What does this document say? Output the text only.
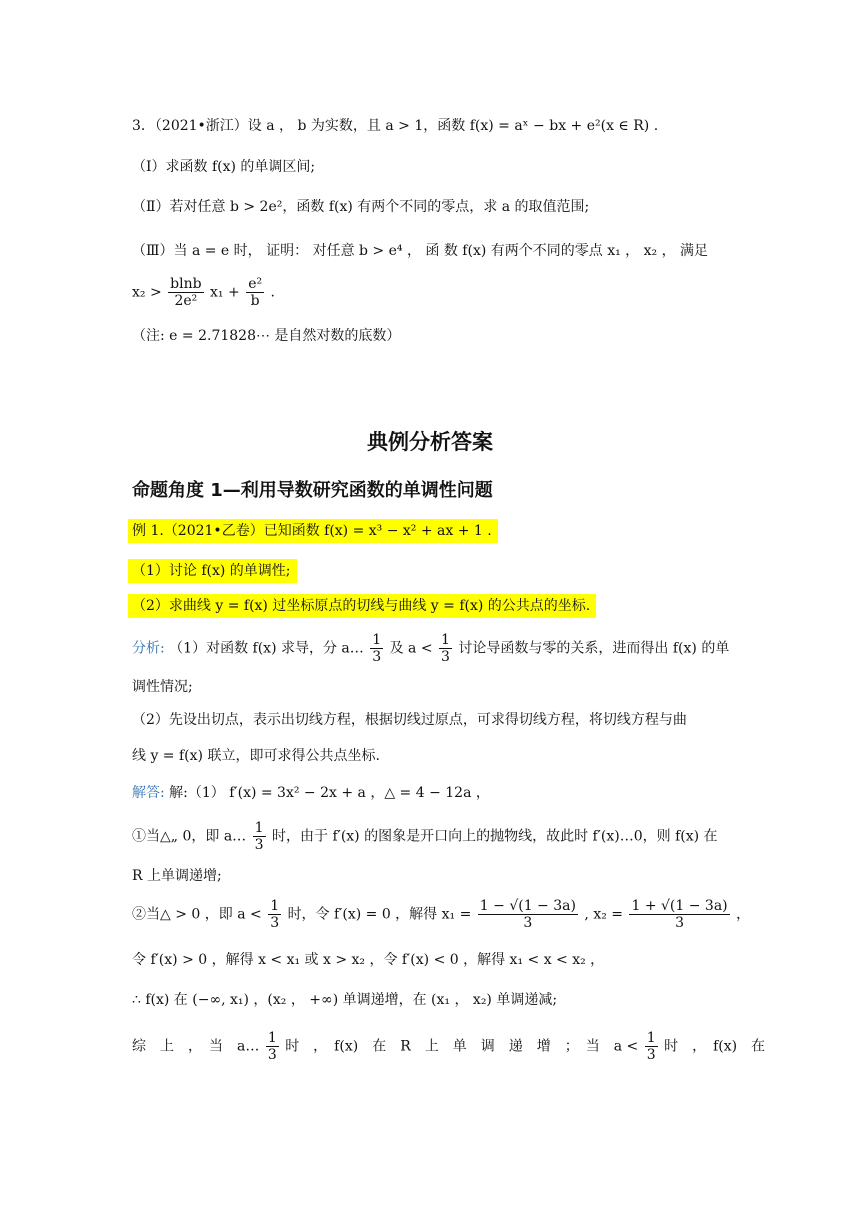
3．（2021•浙江）设 a ， b 为实数，且 a > 1，函数 f(x) = aˣ − bx + e²(x ∈ R) .
（Ⅰ）求函数 f(x) 的单调区间;
（Ⅱ）若对任意 b > 2e²，函数 f(x) 有两个不同的零点，求 a 的取值范围;
（Ⅲ）当 a = e 时， 证明： 对任意 b > e⁴ ， 函 数 f(x) 有两个不同的零点 x₁ ， x₂ ， 满足
$x_2 > \frac{blnb}{\text{2e²}} x_1 + \frac{\text{e²}}{b}$ .
（注: e = 2.71828⋯ 是自然对数的底数）
典例分析答案
命题角度 1—利用导数研究函数的单调性问题
例 1.（2021•乙卷）已知函数 f(x) = x³ − x² + ax + 1 .
（1）讨论 f(x) 的单调性;
（2）求曲线 y = f(x) 过坐标原点的切线与曲线 y = f(x) 的公共点的坐标.
分析: （1）对函数 f(x) 求导，分 a… $\frac{1}{3}$ 及 $a < \frac{1}{3}$ 讨论导函数与零的关系，进而得出 f(x) 的单
调性情况;
（2）先设出切点，表示出切线方程，根据切线过原点，可求得切线方程，将切线方程与曲
线 y = f(x) 联立，即可求得公共点坐标.
解答: 解:（1） f′(x) = 3x² − 2x + a ，△ = 4 − 12a ，
①当△„ 0，即 a… $\frac{1}{3}$ 时，由于 f′(x) 的图象是开口向上的抛物线，故此时 f′(x)…0，则 f(x) 在
R 上单调递增;
②当△ > 0 ，即 $a < \frac{1}{3}$ 时，令 f′(x) = 0 ，解得 $x_1 = \frac{1 - √(1 - 3a)}{3}$ , $x_2 = \frac{1 + √(1 - 3a)}{3}$ ，
令 f′(x) > 0 ，解得 x < x₁ 或 x > x₂ ，令 f′(x) < 0 ，解得 x₁ < x < x₂ ，
∴ f(x) 在 (−∞, x₁) ，(x₂ ， +∞) 单调递增，在 (x₁ ， x₂) 单调递减;
综　上　，　当　a… $\frac{1}{3}$ 时　，　f(x)　在　R　上　单　调　递　增　；　当　$a < \frac{1}{3}$ 时　，　f(x)　在
